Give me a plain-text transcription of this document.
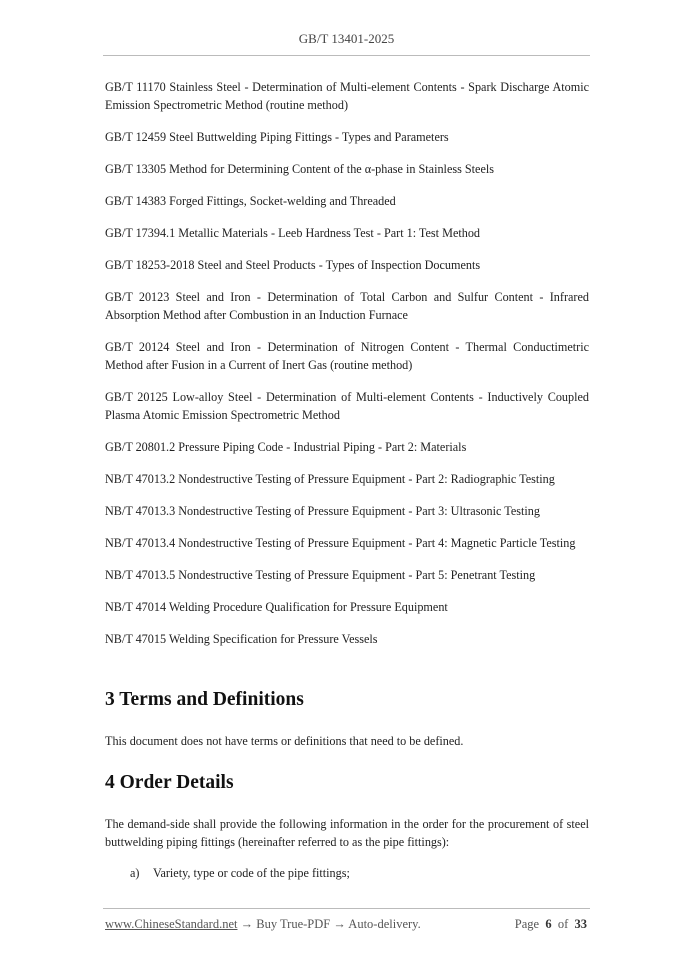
GB/T 13401-2025

GB/T 11170 Stainless Steel - Determination of Multi-element Contents - Spark Discharge Atomic Emission Spectrometric Method (routine method)

GB/T 12459 Steel Buttwelding Piping Fittings - Types and Parameters

GB/T 13305 Method for Determining Content of the α-phase in Stainless Steels

GB/T 14383 Forged Fittings, Socket-welding and Threaded

GB/T 17394.1 Metallic Materials - Leeb Hardness Test - Part 1: Test Method

GB/T 18253-2018 Steel and Steel Products - Types of Inspection Documents

GB/T 20123 Steel and Iron - Determination of Total Carbon and Sulfur Content - Infrared Absorption Method after Combustion in an Induction Furnace

GB/T 20124 Steel and Iron - Determination of Nitrogen Content - Thermal Conductimetric Method after Fusion in a Current of Inert Gas (routine method)

GB/T 20125 Low-alloy Steel - Determination of Multi-element Contents - Inductively Coupled Plasma Atomic Emission Spectrometric Method

GB/T 20801.2 Pressure Piping Code - Industrial Piping - Part 2: Materials

NB/T 47013.2 Nondestructive Testing of Pressure Equipment - Part 2: Radiographic Testing

NB/T 47013.3 Nondestructive Testing of Pressure Equipment - Part 3: Ultrasonic Testing

NB/T 47013.4 Nondestructive Testing of Pressure Equipment - Part 4: Magnetic Particle Testing

NB/T 47013.5 Nondestructive Testing of Pressure Equipment - Part 5: Penetrant Testing

NB/T 47014 Welding Procedure Qualification for Pressure Equipment

NB/T 47015 Welding Specification for Pressure Vessels

3 Terms and Definitions

This document does not have terms or definitions that need to be defined.

4 Order Details

The demand-side shall provide the following information in the order for the procurement of steel buttwelding piping fittings (hereinafter referred to as the pipe fittings):

a) Variety, type or code of the pipe fittings;
www.ChineseStandard.net → Buy True-PDF → Auto-delivery.	Page 6 of 33
